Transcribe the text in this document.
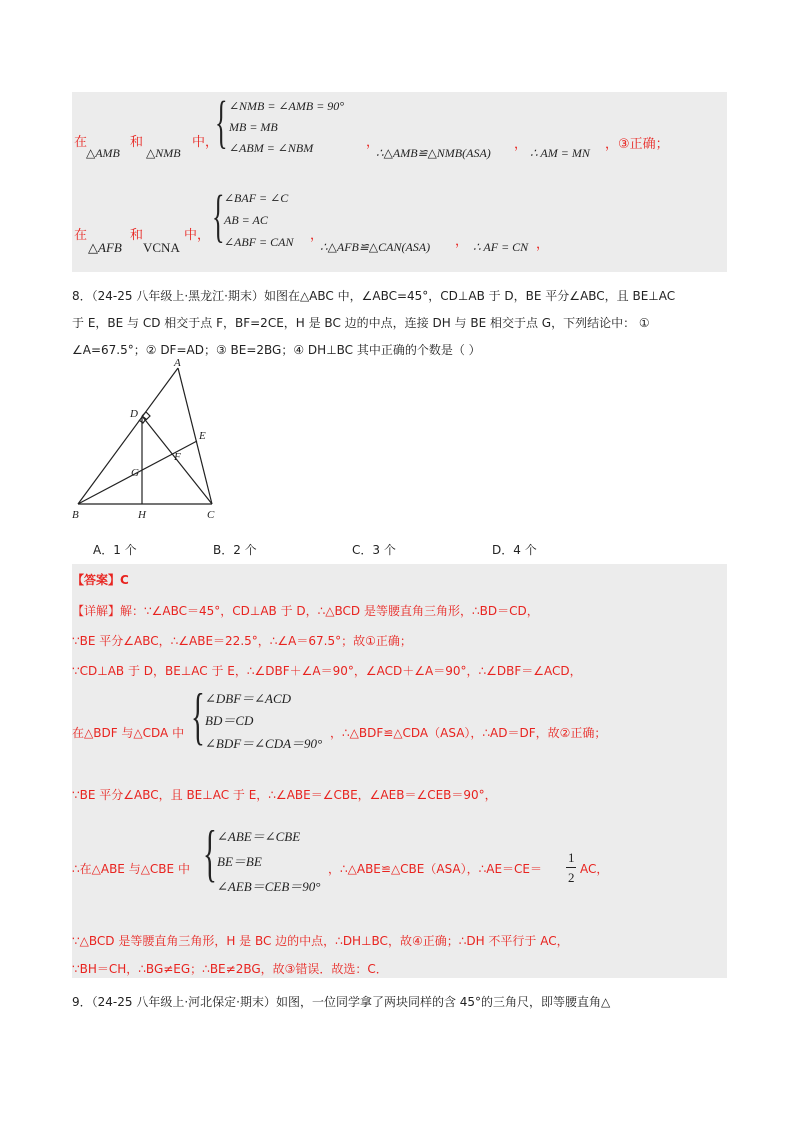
在	和	中，
△AMB △NMB { ∠NMB = ∠AMB = 90°
MB = MB
∠ABM = ∠NBM	，
∴△AMB≌△NMB(ASA)
，
∴ AM = MN
，③正确；
在	和	中，
△AFB VCNA { ∠BAF = ∠C
AB = AC
∠ABF = CAN ，
∴△AFB≌△CAN(ASA) ， ∴ AF = CN ，
8．（24-25 八年级上·黑龙江·期末）如图在△ABC 中，∠ABC=45°，CD⊥AB 于 D，BE 平分∠ABC，且 BE⊥AC
于 E，BE 与 CD 相交于点 F，BF=2CE，H 是 BC 边的中点，连接 DH 与 BE 相交于点 G，下列结论中： ①
∠A=67.5°；② DF=AD；③ BE=2BG；④ DH⊥BC 其中正确的个数是（ ）
A
D
E
F
G
B	H	C
A．1 个	B．2 个	C．3 个	D．4 个
【答案】C
【详解】解：∵∠ABC＝45°，CD⊥AB 于 D，∴△BCD 是等腰直角三角形，∴BD＝CD，
∵BE 平分∠ABC，∴∠ABE＝22.5°，∴∠A＝67.5°；故①正确；
∵CD⊥AB 于 D，BE⊥AC 于 E，∴∠DBF＋∠A＝90°，∠ACD＋∠A＝90°，∴∠DBF＝∠ACD，
在△BDF 与△CDA 中 { ∠DBF＝∠ACD
BD＝CD
∠BDF＝∠CDA＝90°
，∴△BDF≌△CDA（ASA），∴AD＝DF，故②正确；
∵BE 平分∠ABC，且 BE⊥AC 于 E，∴∠ABE＝∠CBE，∠AEB＝∠CEB＝90°，
∴在△ABE 与△CBE 中 { ∠ABE＝∠CBE
BE＝BE
∠AEB＝CEB＝90°
，∴△ABE≌△CBE（ASA），∴AE＝CE＝
1
2
AC，
∵△BCD 是等腰直角三角形，H 是 BC 边的中点，∴DH⊥BC，故④正确；∴DH 不平行于 AC，
∵BH＝CH，∴BG≠EG；∴BE≠2BG，故③错误．故选：C．
9．（24-25 八年级上·河北保定·期末）如图，一位同学拿了两块同样的含 45°的三角尺，即等腰直角△
